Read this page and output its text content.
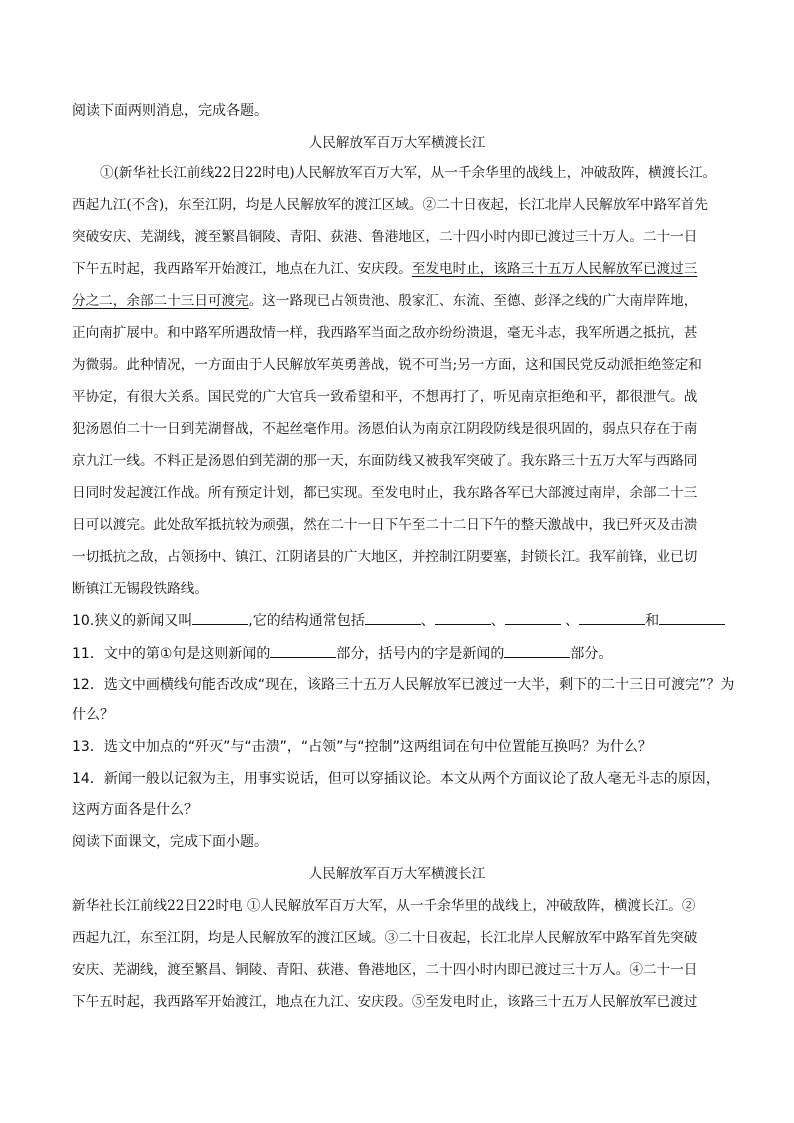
阅读下面两则消息，完成各题。

人民解放军百万大军横渡长江

①(新华社长江前线22日22时电)人民解放军百万大军，从一千余华里的战线上，冲破敌阵，横渡长江。

西起九江(不含)，东至江阴，均是人民解放军的渡江区域。②二十日夜起，长江北岸人民解放军中路军首先

突破安庆、芜湖线，渡至繁昌铜陵、青阳、荻港、鲁港地区，二十四小时内即已渡过三十万人。二十一日

下午五时起，我西路军开始渡江，地点在九江、安庆段。至发电时止，该路三十五万人民解放军已渡过三

分之二，余部二十三日可渡完。这一路现已占领贵池、殷家汇、东流、至德、彭泽之线的广大南岸阵地，

正向南扩展中。和中路军所遇敌情一样，我西路军当面之敌亦纷纷溃退，毫无斗志，我军所遇之抵抗，甚

为微弱。此种情况，一方面由于人民解放军英勇善战，锐不可当;另一方面，这和国民党反动派拒绝签定和

平协定，有很大关系。国民党的广大官兵一致希望和平，不想再打了，听见南京拒绝和平，都很泄气。战

犯汤恩伯二十一日到芜湖督战，不起丝毫作用。汤恩伯认为南京江阴段防线是很巩固的，弱点只存在于南

京九江一线。不料正是汤恩伯到芜湖的那一天，东面防线又被我军突破了。我东路三十五万大军与西路同

日同时发起渡江作战。所有预定计划，都已实现。至发电时止，我东路各军已大部渡过南岸，余部二十三

日可以渡完。此处敌军抵抗较为顽强，然在二十一日下午至二十二日下午的整天激战中，我已歼灭及击溃

一切抵抗之敌，占领扬中、镇江、江阴诸县的广大地区，并控制江阴要塞，封锁长江。我军前锋，业已切

断镇江无锡段铁路线。

10.狭义的新闻又叫	,它的结构通常包括	、	、	、	和

11．文中的第①句是这则新闻的	部分，括号内的字是新闻的	部分。

12．选文中画横线句能否改成“现在，该路三十五万人民解放军已渡过一大半，剩下的二十三日可渡完”？为

什么？

13．选文中加点的“歼灭”与“击溃”，“占领”与“控制”这两组词在句中位置能互换吗？为什么？

14．新闻一般以记叙为主，用事实说话，但可以穿插议论。本文从两个方面议论了敌人毫无斗志的原因，

这两方面各是什么？

阅读下面课文，完成下面小题。

人民解放军百万大军横渡长江

新华社长江前线22日22时电 ①人民解放军百万大军，从一千余华里的战线上，冲破敌阵，横渡长江。②

西起九江，东至江阴，均是人民解放军的渡江区域。③二十日夜起，长江北岸人民解放军中路军首先突破

安庆、芜湖线，渡至繁昌、铜陵、青阳、荻港、鲁港地区，二十四小时内即已渡过三十万人。④二十一日

下午五时起，我西路军开始渡江，地点在九江、安庆段。⑤至发电时止，该路三十五万人民解放军已渡过
